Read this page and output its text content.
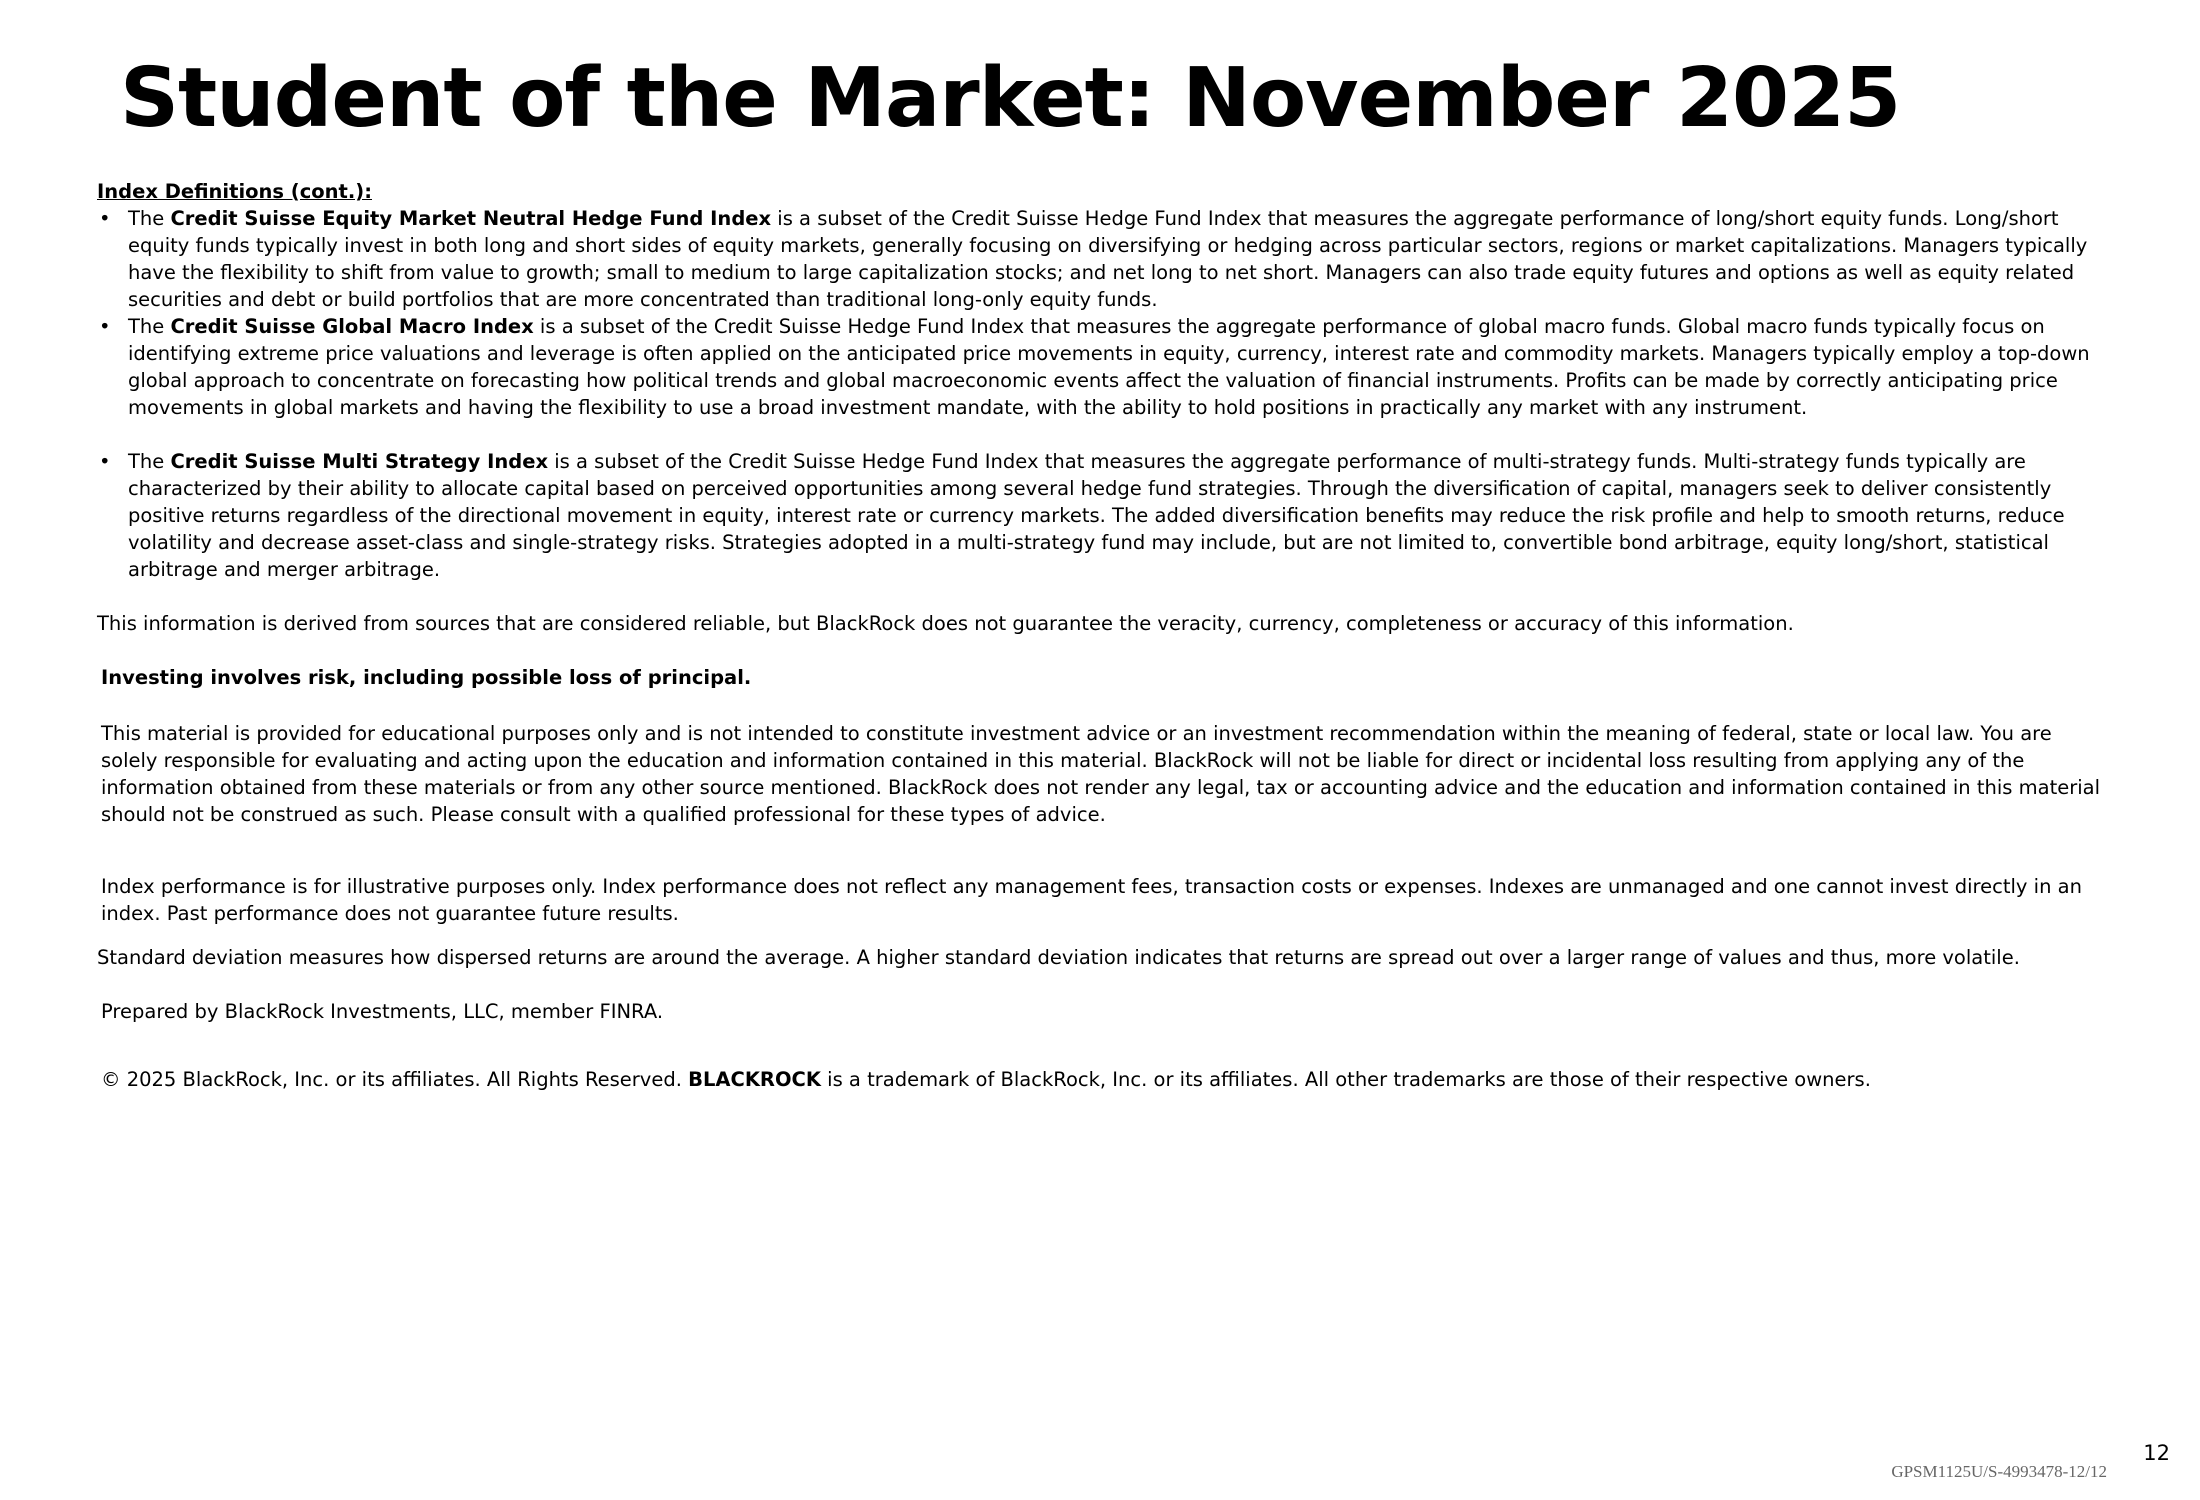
Student of the Market: November 2025

Index Definitions (cont.):

• The Credit Suisse Equity Market Neutral Hedge Fund Index is a subset of the Credit Suisse Hedge Fund Index that measures the aggregate performance of long/short equity funds. Long/short equity funds typically invest in both long and short sides of equity markets, generally focusing on diversifying or hedging across particular sectors, regions or market capitalizations. Managers typically have the flexibility to shift from value to growth; small to medium to large capitalization stocks; and net long to net short. Managers can also trade equity futures and options as well as equity related securities and debt or build portfolios that are more concentrated than traditional long-only equity funds.
• The Credit Suisse Global Macro Index is a subset of the Credit Suisse Hedge Fund Index that measures the aggregate performance of global macro funds. Global macro funds typically focus on identifying extreme price valuations and leverage is often applied on the anticipated price movements in equity, currency, interest rate and commodity markets. Managers typically employ a top-down global approach to concentrate on forecasting how political trends and global macroeconomic events affect the valuation of financial instruments. Profits can be made by correctly anticipating price movements in global markets and having the flexibility to use a broad investment mandate, with the ability to hold positions in practically any market with any instrument.
• The Credit Suisse Multi Strategy Index is a subset of the Credit Suisse Hedge Fund Index that measures the aggregate performance of multi-strategy funds. Multi-strategy funds typically are characterized by their ability to allocate capital based on perceived opportunities among several hedge fund strategies. Through the diversification of capital, managers seek to deliver consistently positive returns regardless of the directional movement in equity, interest rate or currency markets. The added diversification benefits may reduce the risk profile and help to smooth returns, reduce volatility and decrease asset-class and single-strategy risks. Strategies adopted in a multi-strategy fund may include, but are not limited to, convertible bond arbitrage, equity long/short, statistical arbitrage and merger arbitrage.

This information is derived from sources that are considered reliable, but BlackRock does not guarantee the veracity, currency, completeness or accuracy of this information.

Investing involves risk, including possible loss of principal.

This material is provided for educational purposes only and is not intended to constitute investment advice or an investment recommendation within the meaning of federal, state or local law. You are solely responsible for evaluating and acting upon the education and information contained in this material. BlackRock will not be liable for direct or incidental loss resulting from applying any of the information obtained from these materials or from any other source mentioned. BlackRock does not render any legal, tax or accounting advice and the education and information contained in this material should not be construed as such. Please consult with a qualified professional for these types of advice.

Index performance is for illustrative purposes only. Index performance does not reflect any management fees, transaction costs or expenses. Indexes are unmanaged and one cannot invest directly in an index. Past performance does not guarantee future results.

Standard deviation measures how dispersed returns are around the average. A higher standard deviation indicates that returns are spread out over a larger range of values and thus, more volatile.

Prepared by BlackRock Investments, LLC, member FINRA.

© 2025 BlackRock, Inc. or its affiliates. All Rights Reserved. BLACKROCK is a trademark of BlackRock, Inc. or its affiliates. All other trademarks are those of their respective owners.

12
GPSM1125U/S-4993478-12/12
